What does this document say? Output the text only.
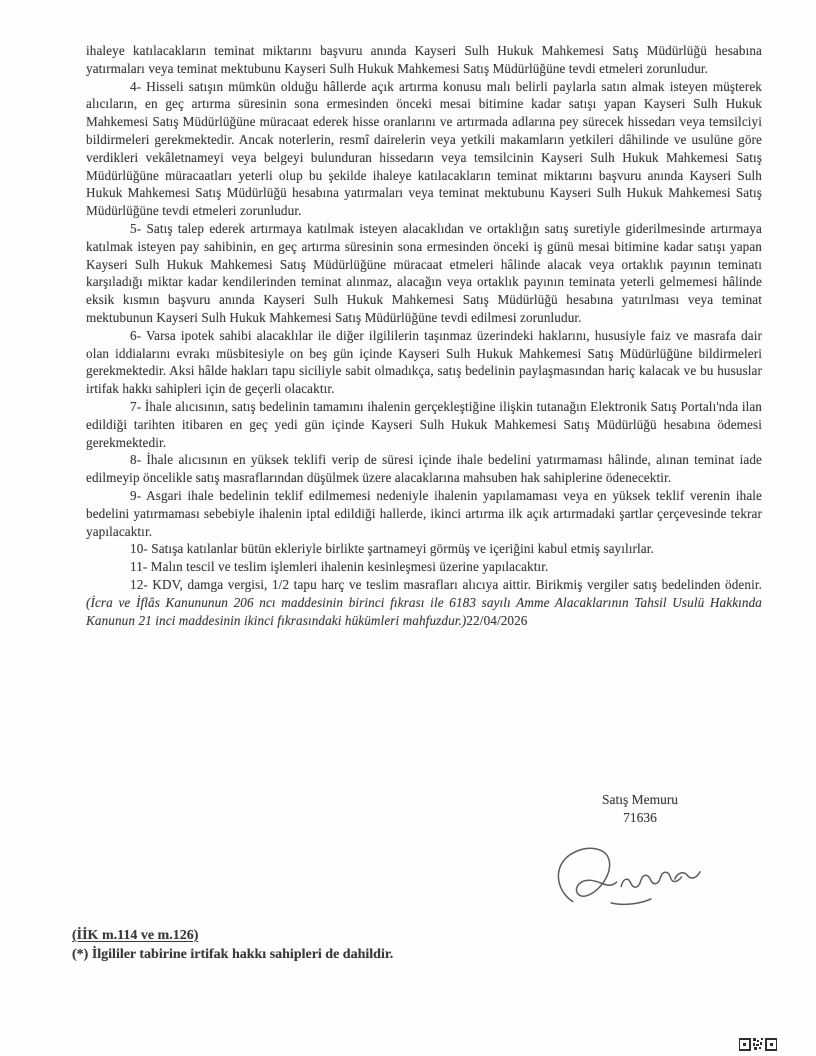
ihaleye katılacakların teminat miktarını başvuru anında Kayseri Sulh Hukuk Mahkemesi Satış Müdürlüğü hesabına yatırmaları veya teminat mektubunu Kayseri Sulh Hukuk Mahkemesi Satış Müdürlüğüne tevdi etmeleri zorunludur.

4- Hisseli satışın mümkün olduğu hâllerde açık artırma konusu malı belirli paylarla satın almak isteyen müşterek alıcıların, en geç artırma süresinin sona ermesinden önceki mesai bitimine kadar satışı yapan Kayseri Sulh Hukuk Mahkemesi Satış Müdürlüğüne müracaat ederek hisse oranlarını ve artırmada adlarına pey sürecek hissedarı veya temsilciyi bildirmeleri gerekmektedir. Ancak noterlerin, resmî dairelerin veya yetkili makamların yetkileri dâhilinde ve usulüne göre verdikleri vekâletnameyi veya belgeyi bulunduran hissedarın veya temsilcinin Kayseri Sulh Hukuk Mahkemesi Satış Müdürlüğüne müracaatları yeterli olup bu şekilde ihaleye katılacakların teminat miktarını başvuru anında Kayseri Sulh Hukuk Mahkemesi Satış Müdürlüğü hesabına yatırmaları veya teminat mektubunu Kayseri Sulh Hukuk Mahkemesi Satış Müdürlüğüne tevdi etmeleri zorunludur.

5- Satış talep ederek artırmaya katılmak isteyen alacaklıdan ve ortaklığın satış suretiyle giderilmesinde artırmaya katılmak isteyen pay sahibinin, en geç artırma süresinin sona ermesinden önceki iş günü mesai bitimine kadar satışı yapan Kayseri Sulh Hukuk Mahkemesi Satış Müdürlüğüne müracaat etmeleri hâlinde alacak veya ortaklık payının teminatı karşıladığı miktar kadar kendilerinden teminat alınmaz, alacağın veya ortaklık payının teminata yeterli gelmemesi hâlinde eksik kısmın başvuru anında Kayseri Sulh Hukuk Mahkemesi Satış Müdürlüğü hesabına yatırılması veya teminat mektubunun Kayseri Sulh Hukuk Mahkemesi Satış Müdürlüğüne tevdi edilmesi zorunludur.

6- Varsa ipotek sahibi alacaklılar ile diğer ilgililerin taşınmaz üzerindeki haklarını, hususiyle faiz ve masrafa dair olan iddialarını evrakı müsbitesiyle on beş gün içinde Kayseri Sulh Hukuk Mahkemesi Satış Müdürlüğüne bildirmeleri gerekmektedir. Aksi hâlde hakları tapu siciliyle sabit olmadıkça, satış bedelinin paylaşmasından hariç kalacak ve bu hususlar irtifak hakkı sahipleri için de geçerli olacaktır.

7- İhale alıcısının, satış bedelinin tamamını ihalenin gerçekleştiğine ilişkin tutanağın Elektronik Satış Portalı'nda ilan edildiği tarihten itibaren en geç yedi gün içinde Kayseri Sulh Hukuk Mahkemesi Satış Müdürlüğü hesabına ödemesi gerekmektedir.

8- İhale alıcısının en yüksek teklifi verip de süresi içinde ihale bedelini yatırmaması hâlinde, alınan teminat iade edilmeyip öncelikle satış masraflarından düşülmek üzere alacaklarına mahsuben hak sahiplerine ödenecektir.

9- Asgari ihale bedelinin teklif edilmemesi nedeniyle ihalenin yapılamaması veya en yüksek teklif verenin ihale bedelini yatırmaması sebebiyle ihalenin iptal edildiği hallerde, ikinci artırma ilk açık artırmadaki şartlar çerçevesinde tekrar yapılacaktır.

10- Satışa katılanlar bütün ekleriyle birlikte şartnameyi görmüş ve içeriğini kabul etmiş sayılırlar.

11- Malın tescil ve teslim işlemleri ihalenin kesinleşmesi üzerine yapılacaktır.

12- KDV, damga vergisi, 1/2 tapu harç ve teslim masrafları alıcıya aittir. Birikmiş vergiler satış bedelinden ödenir. (İcra ve İflâs Kanununun 206 ncı maddesinin birinci fıkrası ile 6183 sayılı Amme Alacaklarının Tahsil Usulü Hakkında Kanunun 21 inci maddesinin ikinci fıkrasındaki hükümleri mahfuzdur.)22/04/2026

Satış Memuru
71636
(İİK m.114 ve m.126)
(*) İlgililer tabirine irtifak hakkı sahipleri de dahildir.
